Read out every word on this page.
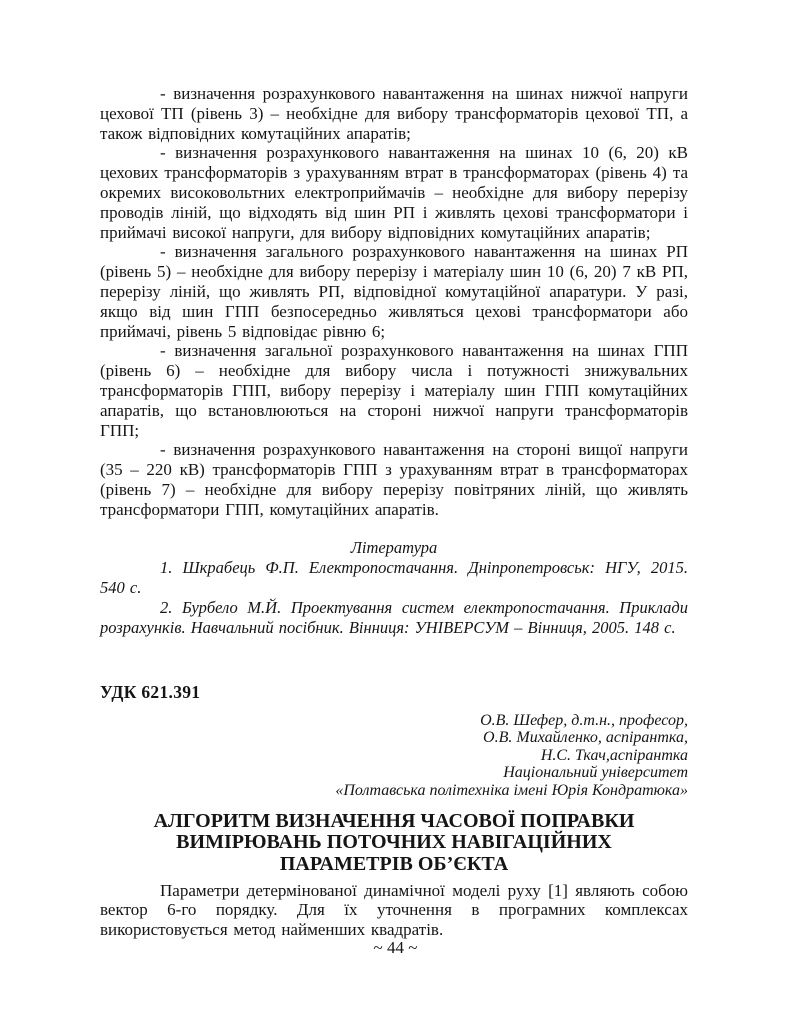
- визначення розрахункового навантаження на шинах нижчої напруги цехової ТП (рівень 3) – необхідне для вибору трансформаторів цехової ТП, а також відповідних комутаційних апаратів;

- визначення розрахункового навантаження на шинах 10 (6, 20) кВ цехових трансформаторів з урахуванням втрат в трансформаторах (рівень 4) та окремих високовольтних електроприймачів – необхідне для вибору перерізу проводів ліній, що відходять від шин РП і живлять цехові трансформатори і приймачі високої напруги, для вибору відповідних комутаційних апаратів;

- визначення загального розрахункового навантаження на шинах РП (рівень 5) – необхідне для вибору перерізу і матеріалу шин 10 (6, 20) 7 кВ РП, перерізу ліній, що живлять РП, відповідної комутаційної апаратури. У разі, якщо від шин ГПП безпосередньо живляться цехові трансформатори або приймачі, рівень 5 відповідає рівню 6;

- визначення загальної розрахункового навантаження на шинах ГПП (рівень 6) – необхідне для вибору числа і потужності знижувальних трансформаторів ГПП, вибору перерізу і матеріалу шин ГПП комутаційних апаратів, що встановлюються на стороні нижчої напруги трансформаторів ГПП;

- визначення розрахункового навантаження на стороні вищої напруги (35 – 220 кВ) трансформаторів ГПП з урахуванням втрат в трансформаторах (рівень 7) – необхідне для вибору перерізу повітряних ліній, що живлять трансформатори ГПП, комутаційних апаратів.

Література

1. Шкрабець Ф.П. Електропостачання. Дніпропетровськ: НГУ, 2015. 540 с.

2. Бурбело М.Й. Проектування систем електропостачання. Приклади розрахунків. Навчальний посібник. Вінниця: УНІВЕРСУМ – Вінниця, 2005. 148 с.

УДК 621.391

О.В. Шефер, д.т.н., професор,

О.В. Михайленко, аспірантка,

Н.С. Ткач,аспірантка

Національний університет

«Полтавська політехніка імені Юрія Кондратюка»

АЛГОРИТМ ВИЗНАЧЕННЯ ЧАСОВОЇ ПОПРАВКИ ВИМІРЮВАНЬ ПОТОЧНИХ НАВІГАЦІЙНИХ ПАРАМЕТРІВ ОБ’ЄКТА

Параметри детермінованої динамічної моделі руху [1] являють собою вектор 6-го порядку. Для їх уточнення в програмних комплексах використовується метод найменших квадратів.

~ 44 ~
